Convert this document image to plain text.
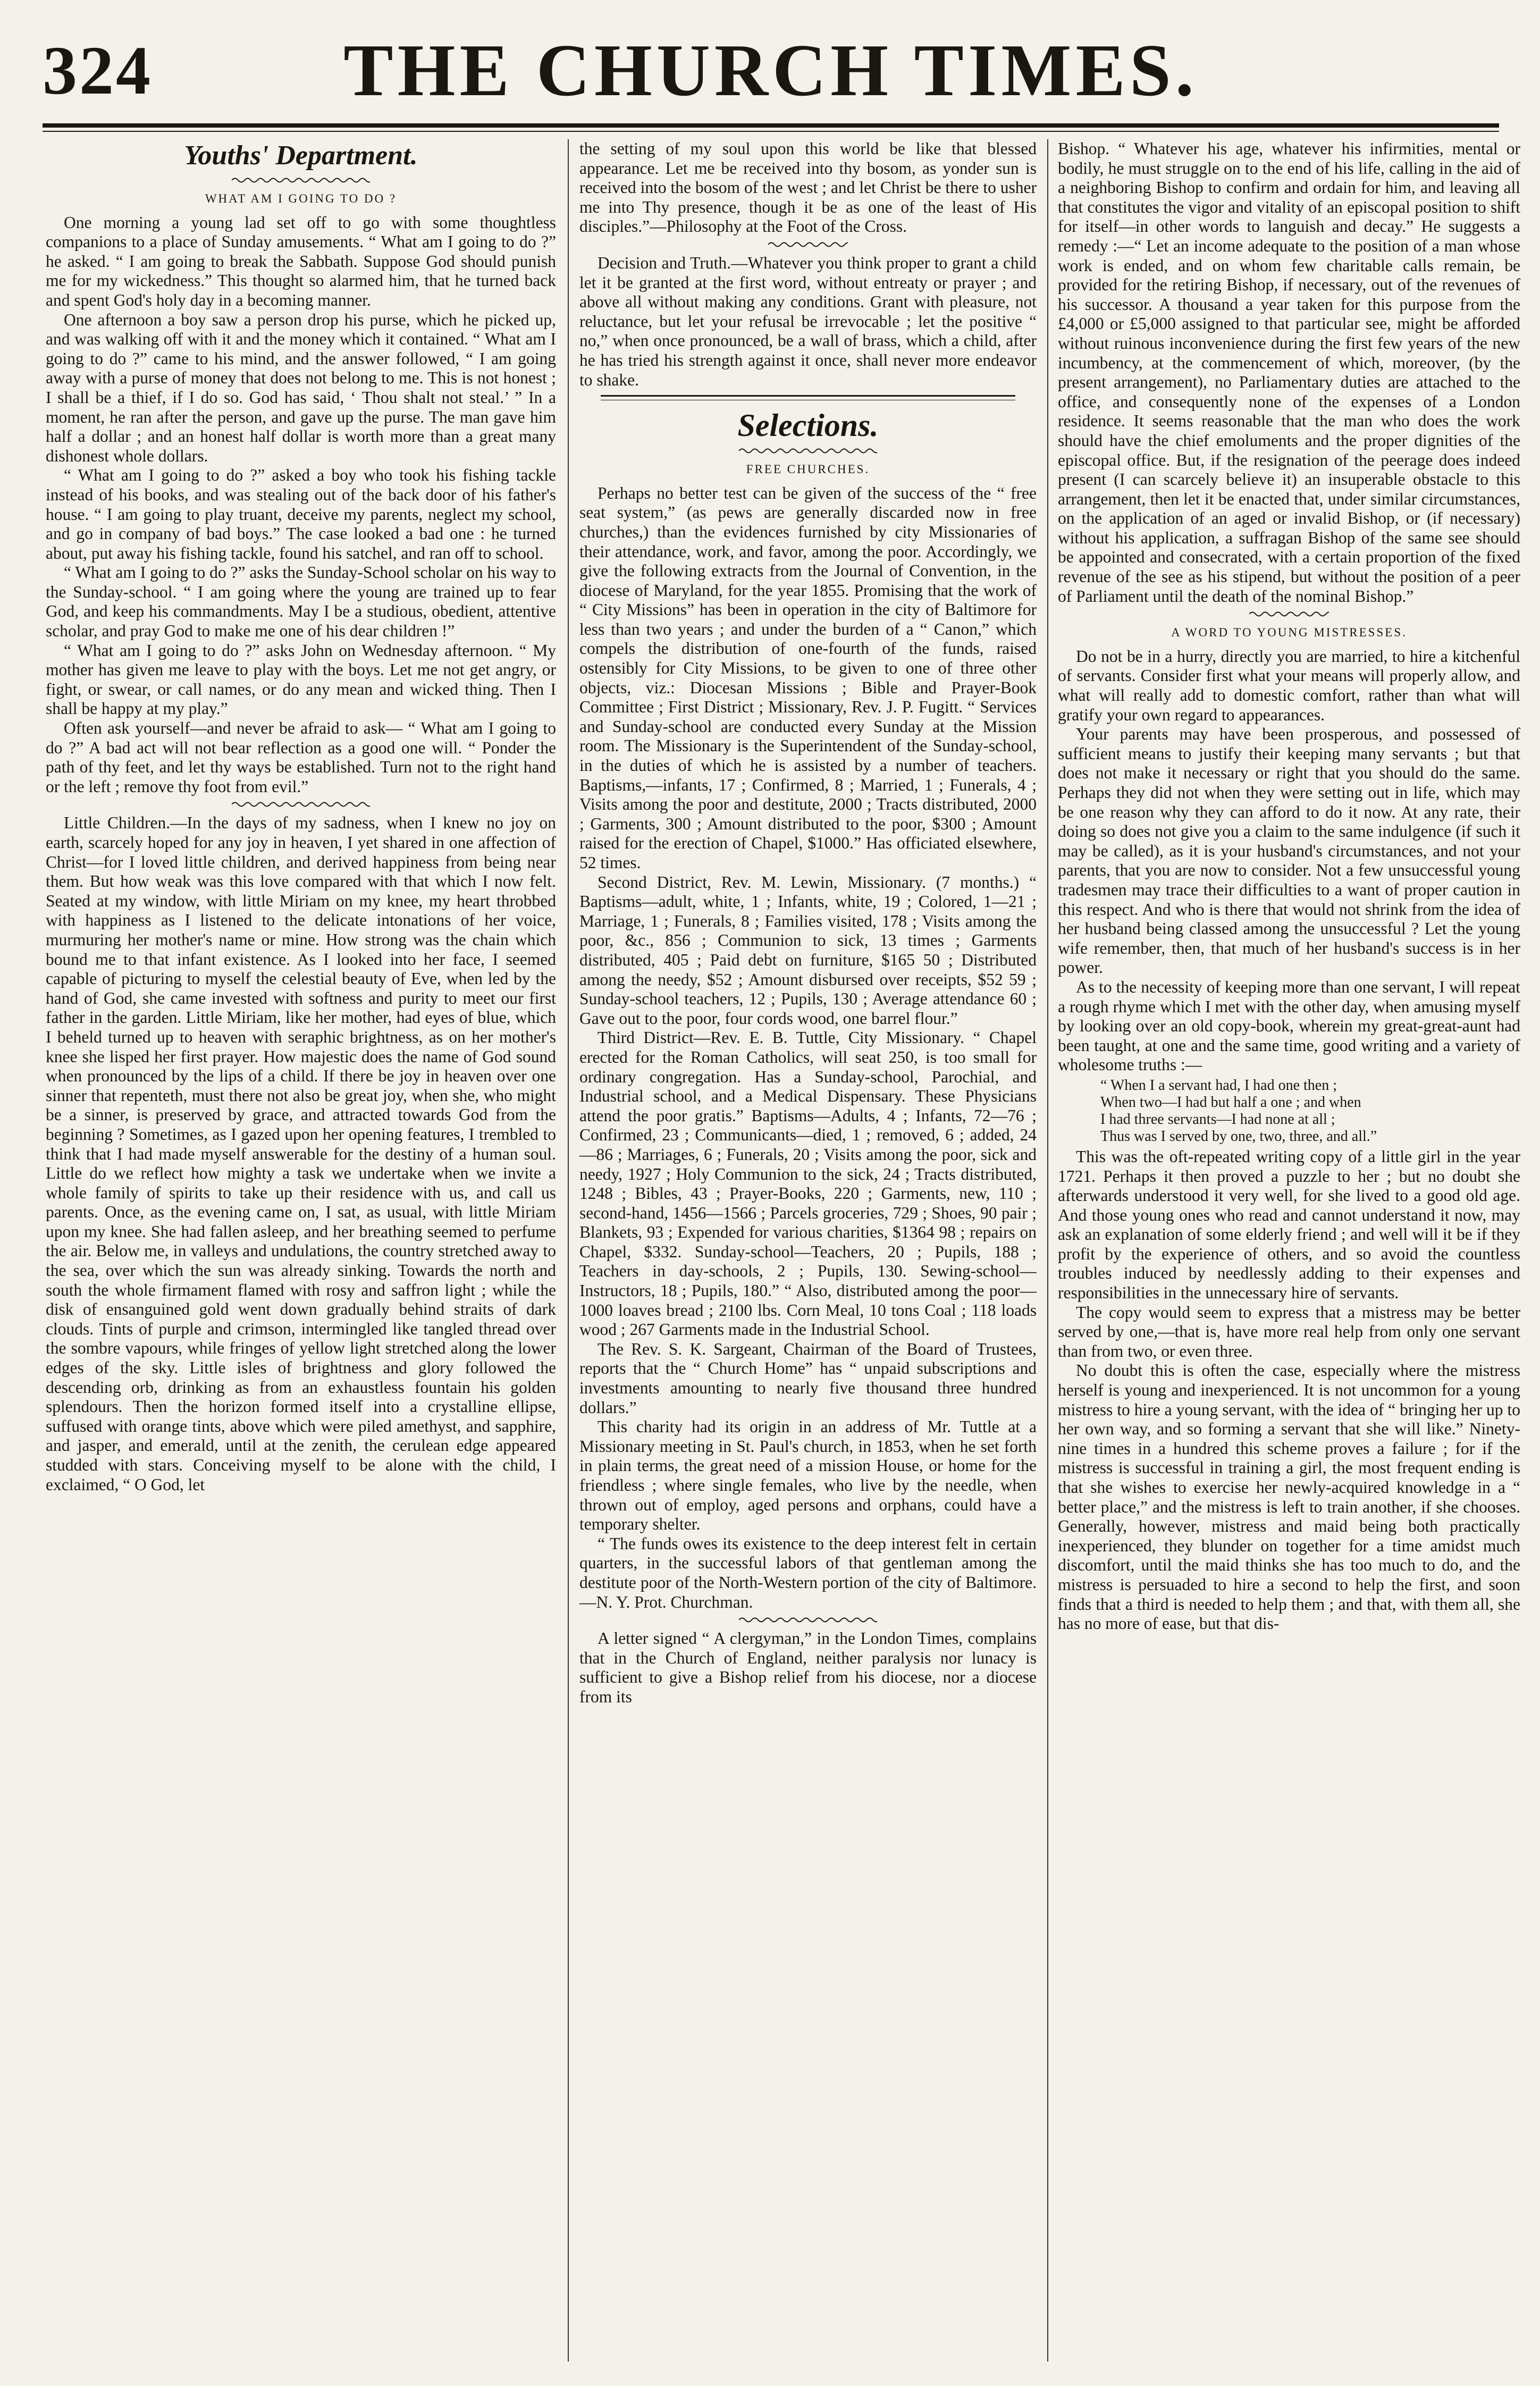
324	THE CHURCH TIMES.
Youths' Department.
WHAT AM I GOING TO DO ?

One morning a young lad set off to go with some thoughtless companions to a place of Sunday amusements. “ What am I going to do ?” he asked. “ I am going to break the Sabbath. Suppose God should punish me for my wickedness.” This thought so alarmed him, that he turned back and spent God's holy day in a becoming manner.

One afternoon a boy saw a person drop his purse, which he picked up, and was walking off with it and the money which it contained. “ What am I going to do ?” came to his mind, and the answer followed, “ I am going away with a purse of money that does not belong to me. This is not honest ; I shall be a thief, if I do so. God has said, ‘ Thou shalt not steal.’ ” In a moment, he ran after the person, and gave up the purse. The man gave him half a dollar ; and an honest half dollar is worth more than a great many dishonest whole dollars.

“ What am I going to do ?” asked a boy who took his fishing tackle instead of his books, and was stealing out of the back door of his father's house. “ I am going to play truant, deceive my parents, neglect my school, and go in company of bad boys.” The case looked a bad one : he turned about, put away his fishing tackle, found his satchel, and ran off to school.

“ What am I going to do ?” asks the Sunday-School scholar on his way to the Sunday-school. “ I am going where the young are trained up to fear God, and keep his commandments. May I be a studious, obedient, attentive scholar, and pray God to make me one of his dear children !”

“ What am I going to do ?” asks John on Wednesday afternoon. “ My mother has given me leave to play with the boys. Let me not get angry, or fight, or swear, or call names, or do any mean and wicked thing. Then I shall be happy at my play.”

Often ask yourself—and never be afraid to ask— “ What am I going to do ?” A bad act will not bear reflection as a good one will. “ Ponder the path of thy feet, and let thy ways be established. Turn not to the right hand or the left ; remove thy foot from evil.”

Little Children.—In the days of my sadness, when I knew no joy on earth, scarcely hoped for any joy in heaven, I yet shared in one affection of Christ—for I loved little children, and derived happiness from being near them. But how weak was this love compared with that which I now felt. Seated at my window, with little Miriam on my knee, my heart throbbed with happiness as I listened to the delicate intonations of her voice, murmuring her mother's name or mine. How strong was the chain which bound me to that infant existence. As I looked into her face, I seemed capable of picturing to myself the celestial beauty of Eve, when led by the hand of God, she came invested with softness and purity to meet our first father in the garden. Little Miriam, like her mother, had eyes of blue, which I beheld turned up to heaven with seraphic brightness, as on her mother's knee she lisped her first prayer. How majestic does the name of God sound when pronounced by the lips of a child. If there be joy in heaven over one sinner that repenteth, must there not also be great joy, when she, who might be a sinner, is preserved by grace, and attracted towards God from the beginning ? Sometimes, as I gazed upon her opening features, I trembled to think that I had made myself answerable for the destiny of a human soul. Little do we reflect how mighty a task we undertake when we invite a whole family of spirits to take up their residence with us, and call us parents. Once, as the evening came on, I sat, as usual, with little Miriam upon my knee. She had fallen asleep, and her breathing seemed to perfume the air. Below me, in valleys and undulations, the country stretched away to the sea, over which the sun was already sinking. Towards the north and south the whole firmament flamed with rosy and saffron light ; while the disk of ensanguined gold went down gradually behind straits of dark clouds. Tints of purple and crimson, intermingled like tangled thread over the sombre vapours, while fringes of yellow light stretched along the lower edges of the sky. Little isles of brightness and glory followed the descending orb, drinking as from an exhaustless fountain his golden splendours. Then the horizon formed itself into a crystalline ellipse, suffused with orange tints, above which were piled amethyst, and sapphire, and jasper, and emerald, until at the zenith, the cerulean edge appeared studded with stars. Conceiving myself to be alone with the child, I exclaimed, “ O God, let

the setting of my soul upon this world be like that blessed appearance. Let me be received into thy bosom, as yonder sun is received into the bosom of the west ; and let Christ be there to usher me into Thy presence, though it be as one of the least of His disciples.”—Philosophy at the Foot of the Cross.

Decision and Truth.—Whatever you think proper to grant a child let it be granted at the first word, without entreaty or prayer ; and above all without making any conditions. Grant with pleasure, not reluctance, but let your refusal be irrevocable ; let the positive “ no,” when once pronounced, be a wall of brass, which a child, after he has tried his strength against it once, shall never more endeavor to shake.

Selections.
FREE CHURCHES.

Perhaps no better test can be given of the success of the “ free seat system,” (as pews are generally discarded now in free churches,) than the evidences furnished by city Missionaries of their attendance, work, and favor, among the poor. Accordingly, we give the following extracts from the Journal of Convention, in the diocese of Maryland, for the year 1855. Promising that the work of “ City Missions” has been in operation in the city of Baltimore for less than two years ; and under the burden of a “ Canon,” which compels the distribution of one-fourth of the funds, raised ostensibly for City Missions, to be given to one of three other objects, viz.: Diocesan Missions ; Bible and Prayer-Book Committee ; First District ; Missionary, Rev. J. P. Fugitt. “ Services and Sunday-school are conducted every Sunday at the Mission room. The Missionary is the Superintendent of the Sunday-school, in the duties of which he is assisted by a number of teachers. Baptisms,—infants, 17 ; Confirmed, 8 ; Married, 1 ; Funerals, 4 ; Visits among the poor and destitute, 2000 ; Tracts distributed, 2000 ; Garments, 300 ; Amount distributed to the poor, $300 ; Amount raised for the erection of Chapel, $1000.” Has officiated elsewhere, 52 times.

Second District, Rev. M. Lewin, Missionary. (7 months.) “ Baptisms—adult, white, 1 ; Infants, white, 19 ; Colored, 1—21 ; Marriage, 1 ; Funerals, 8 ; Families visited, 178 ; Visits among the poor, &c., 856 ; Communion to sick, 13 times ; Garments distributed, 405 ; Paid debt on furniture, $165 50 ; Distributed among the needy, $52 ; Amount disbursed over receipts, $52 59 ; Sunday-school teachers, 12 ; Pupils, 130 ; Average attendance 60 ; Gave out to the poor, four cords wood, one barrel flour.”

Third District—Rev. E. B. Tuttle, City Missionary. “ Chapel erected for the Roman Catholics, will seat 250, is too small for ordinary congregation. Has a Sunday-school, Parochial, and Industrial school, and a Medical Dispensary. These Physicians attend the poor gratis.” Baptisms—Adults, 4 ; Infants, 72—76 ; Confirmed, 23 ; Communicants—died, 1 ; removed, 6 ; added, 24—86 ; Marriages, 6 ; Funerals, 20 ; Visits among the poor, sick and needy, 1927 ; Holy Communion to the sick, 24 ; Tracts distributed, 1248 ; Bibles, 43 ; Prayer-Books, 220 ; Garments, new, 110 ; second-hand, 1456—1566 ; Parcels groceries, 729 ; Shoes, 90 pair ; Blankets, 93 ; Expended for various charities, $1364 98 ; repairs on Chapel, $332. Sunday-school—Teachers, 20 ; Pupils, 188 ; Teachers in day-schools, 2 ; Pupils, 130. Sewing-school—Instructors, 18 ; Pupils, 180.” “ Also, distributed among the poor—1000 loaves bread ; 2100 lbs. Corn Meal, 10 tons Coal ; 118 loads wood ; 267 Garments made in the Industrial School.

The Rev. S. K. Sargeant, Chairman of the Board of Trustees, reports that the “ Church Home” has “ unpaid subscriptions and investments amounting to nearly five thousand three hundred dollars.”

This charity had its origin in an address of Mr. Tuttle at a Missionary meeting in St. Paul's church, in 1853, when he set forth in plain terms, the great need of a mission House, or home for the friendless ; where single females, who live by the needle, when thrown out of employ, aged persons and orphans, could have a temporary shelter.

“ The funds owes its existence to the deep interest felt in certain quarters, in the successful labors of that gentleman among the destitute poor of the North-Western portion of the city of Baltimore.—N. Y. Prot. Churchman.

A letter signed “ A clergyman,” in the London Times, complains that in the Church of England, neither paralysis nor lunacy is sufficient to give a Bishop relief from his diocese, nor a diocese from its

Bishop. “ Whatever his age, whatever his infirmities, mental or bodily, he must struggle on to the end of his life, calling in the aid of a neighboring Bishop to confirm and ordain for him, and leaving all that constitutes the vigor and vitality of an episcopal position to shift for itself—in other words to languish and decay.” He suggests a remedy :—“ Let an income adequate to the position of a man whose work is ended, and on whom few charitable calls remain, be provided for the retiring Bishop, if necessary, out of the revenues of his successor. A thousand a year taken for this purpose from the £4,000 or £5,000 assigned to that particular see, might be afforded without ruinous inconvenience during the first few years of the new incumbency, at the commencement of which, moreover, (by the present arrangement), no Parliamentary duties are attached to the office, and consequently none of the expenses of a London residence. It seems reasonable that the man who does the work should have the chief emoluments and the proper dignities of the episcopal office. But, if the resignation of the peerage does indeed present (I can scarcely believe it) an insuperable obstacle to this arrangement, then let it be enacted that, under similar circumstances, on the application of an aged or invalid Bishop, or (if necessary) without his application, a suffragan Bishop of the same see should be appointed and consecrated, with a certain proportion of the fixed revenue of the see as his stipend, but without the position of a peer of Parliament until the death of the nominal Bishop.”

A WORD TO YOUNG MISTRESSES.

Do not be in a hurry, directly you are married, to hire a kitchenful of servants. Consider first what your means will properly allow, and what will really add to domestic comfort, rather than what will gratify your own regard to appearances.

Your parents may have been prosperous, and possessed of sufficient means to justify their keeping many servants ; but that does not make it necessary or right that you should do the same. Perhaps they did not when they were setting out in life, which may be one reason why they can afford to do it now. At any rate, their doing so does not give you a claim to the same indulgence (if such it may be called), as it is your husband's circumstances, and not your parents, that you are now to consider. Not a few unsuccessful young tradesmen may trace their difficulties to a want of proper caution in this respect. And who is there that would not shrink from the idea of her husband being classed among the unsuccessful ? Let the young wife remember, then, that much of her husband's success is in her power.

As to the necessity of keeping more than one servant, I will repeat a rough rhyme which I met with the other day, when amusing myself by looking over an old copy-book, wherein my great-great-aunt had been taught, at one and the same time, good writing and a variety of wholesome truths :—

“ When I a servant had, I had one then ;
When two—I had but half a one ; and when
I had three servants—I had none at all ;
Thus was I served by one, two, three, and all.”

This was the oft-repeated writing copy of a little girl in the year 1721. Perhaps it then proved a puzzle to her ; but no doubt she afterwards understood it very well, for she lived to a good old age. And those young ones who read and cannot understand it now, may ask an explanation of some elderly friend ; and well will it be if they profit by the experience of others, and so avoid the countless troubles induced by needlessly adding to their expenses and responsibilities in the unnecessary hire of servants.

The copy would seem to express that a mistress may be better served by one,—that is, have more real help from only one servant than from two, or even three.

No doubt this is often the case, especially where the mistress herself is young and inexperienced. It is not uncommon for a young mistress to hire a young servant, with the idea of “ bringing her up to her own way, and so forming a servant that she will like.” Ninety-nine times in a hundred this scheme proves a failure ; for if the mistress is successful in training a girl, the most frequent ending is that she wishes to exercise her newly-acquired knowledge in a “ better place,” and the mistress is left to train another, if she chooses. Generally, however, mistress and maid being both practically inexperienced, they blunder on together for a time amidst much discomfort, until the maid thinks she has too much to do, and the mistress is persuaded to hire a second to help the first, and soon finds that a third is needed to help them ; and that, with them all, she has no more of ease, but that dis-
